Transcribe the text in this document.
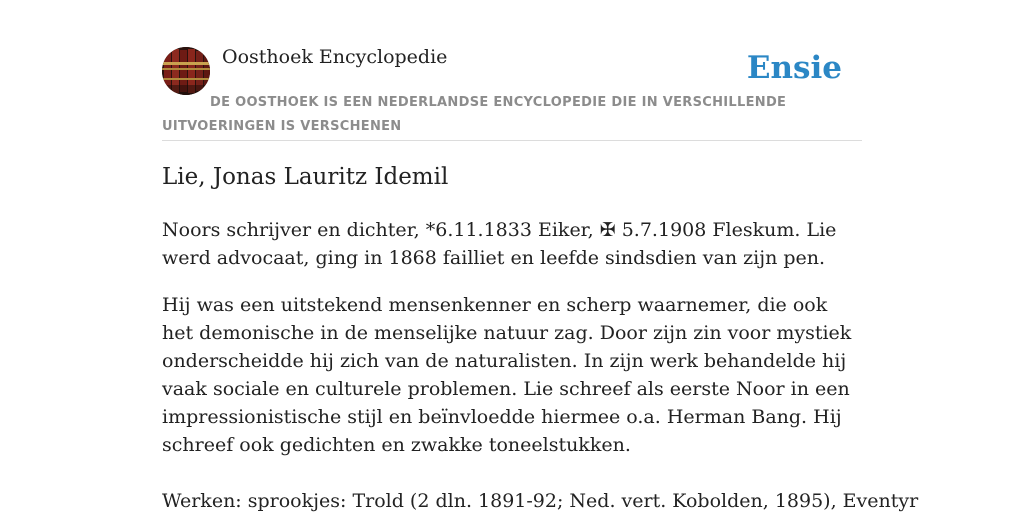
Oosthoek Encyclopedie	Ensie
DE OOSTHOEK IS EEN NEDERLANDSE ENCYCLOPEDIE DIE IN VERSCHILLENDE UITVOERINGEN IS VERSCHENEN
Lie, Jonas Lauritz Idemil

Noors schrijver en dichter, *6.11.1833 Eiker, ✠ 5.7.1908 Fleskum. Lie werd advocaat, ging in 1868 failliet en leefde sindsdien van zijn pen.

Hij was een uitstekend mensenkenner en scherp waarnemer, die ook het demonische in de menselijke natuur zag. Door zijn zin voor mystiek onderscheidde hij zich van de naturalisten. In zijn werk behandelde hij vaak sociale en culturele problemen. Lie schreef als eerste Noor in een impressionistische stijl en beïnvloedde hiermee o.a. Herman Bang. Hij schreef ook gedichten en zwakke toneelstukken.

Werken: sprookjes: Trold (2 dln. 1891-92; Ned. vert. Kobolden, 1895), Eventyr
